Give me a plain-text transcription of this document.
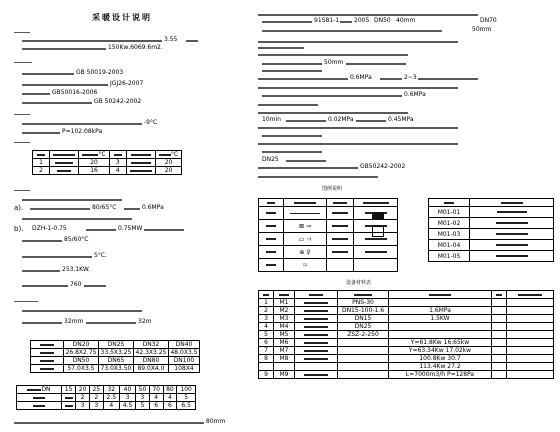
采暖设计说明
3.55
150Kw,6069.6m2.
GB 50019-2003
JGJ26-2007
GB50016-2006
GB 50242-2002
-9°C
P=102.08kPa
		°C			°C
1		20	3		20
2		16	4		20
a).	80/65°C	0.6MPa
b). DZH-1-0.75	0.75MW
85/60°C
5°C.
253.1KW.
760
32mm	32m
	DN20	DN25	DN32	DN40
	26.8X2.75	33.5X3.25	42.3X3.25	48.0X3.5
	DN50	DN65	DN80	DN100
	57.0X3.5	73.0X3.50	89.0X4.0	108X4
DN	15	20	25	32	40	50	70	80	100
		2	2	2.5	3	3	4	4	5
		3	3	4	4.5	5	6	6	6.5
80mm
91S81-1 2005 DN50 40mm	DN70
50mm
50mm
0.6MPa	2~3
0.6MPa
10min	0.02MPa	0.45MPa
DN25
GB50242-2002
图例说明

	⊠ ⊸		
	▭ ⊣		
	⊕ ♀		
	⌑		

M01-01	
M01-02	
M01-03	
M01-04	
M01-05	
设备材料表

1	M1		PNS-30			
2	M2		DN15-100-1.6	1.6MPa		
3	M3		DN15	1.5KW		
4	M4		DN25			
5	M5		ZSZ-2-250			
6	M6			Y=61.8Kw 16.65kw		
7	M7			Y=63.34Kw 17.02kw		
8	M8			100.8Kw 30.7		
				113.4Kw 27.2		
9	M9			L=7000m3/h P=128Pa		
